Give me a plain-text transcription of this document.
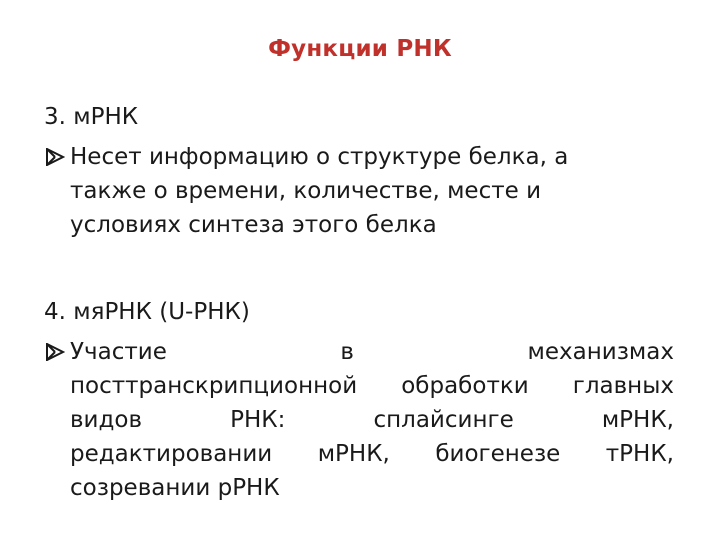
Функции РНК
3. мРНК
Несет информацию о структуре белка, а
также о времени, количестве, месте и
условиях синтеза этого белка
4. мяРНК (U-РНК)
Участие	в	механизмах
посттранскрипционной обработки главных
видов	РНК:	сплайсинге	мРНК,
редактировании мРНК, биогенезе тРНК,
созревании рРНК
